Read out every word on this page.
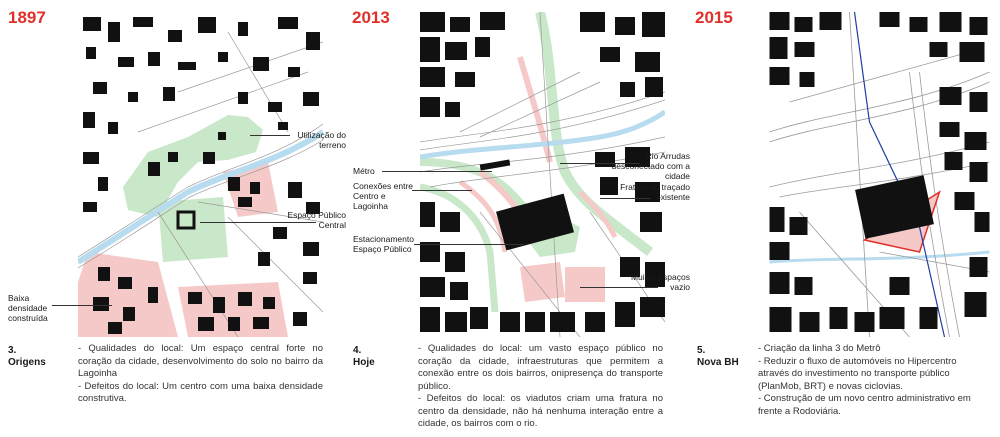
1897
Utilização do terreno
Espaço Público Central
Baixa densidade construída
3.
Origens
- Qualidades do local: Um espaço central forte no coração da cidade, desenvolvimento do solo no bairro da Lagoinha
- Defeitos do local: Um centro com uma baixa densidade construtiva.
2013
Métro
Conexões entre Centro e Lagoinha
Estacionamento Espaço Público
Rio Arrudas desconectado com a cidade
Fratura no traçado existente
Muitos espaços vazio
4.
Hoje
- Qualidades do local: um vasto espaço público no coração da cidade, infraestruturas que permitem a conexão entre os dois bairros, onipresença do transporte público.
- Defeitos do local: os viadutos criam uma fratura no centro da densidade, não há nenhuma interação entre a cidade, os bairros com o rio.
2015
5.
Nova BH
- Criação da linha 3 do Metrô
- Reduzir o fluxo de automóveis no Hipercentro através do investimento no transporte público (PlanMob, BRT) e novas ciclovias.
- Construção de um novo centro administrativo em frente a Rodoviária.
